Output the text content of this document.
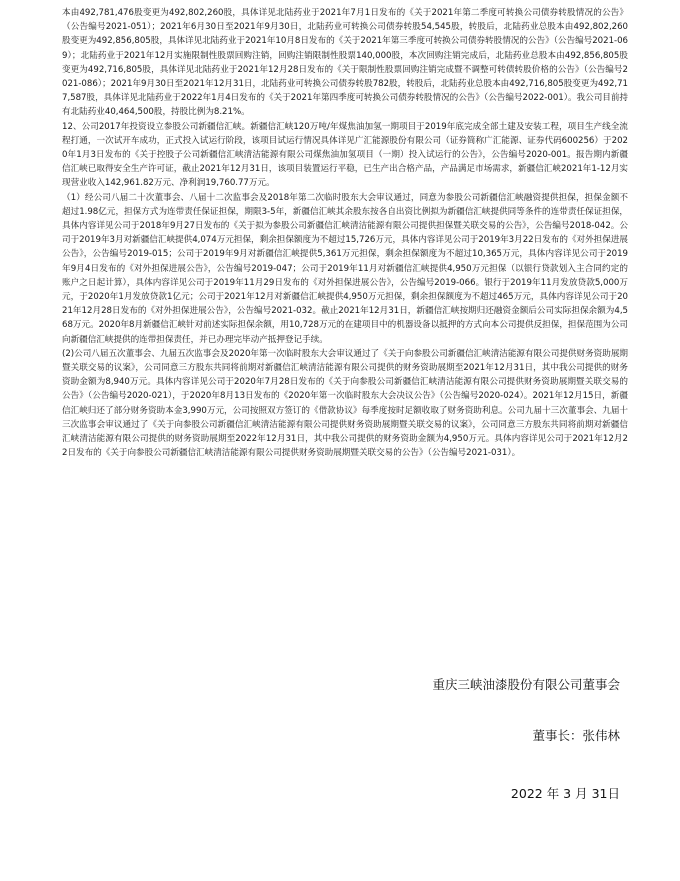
本由492,781,476股变更为492,802,260股，具体详见北陆药业于2021年7月1日发布的《关于2021年第二季度可转换公司债券转股情况的公告》（公告编号2021-051）；2021年6月30日至2021年9月30日，北陆药业可转换公司债券转股54,545股，转股后，北陆药业总股本由492,802,260股变更为492,856,805股，具体详见北陆药业于2021年10月8日发布的《关于2021年第三季度可转换公司债券转股情况的公告》（公告编号2021-069）；北陆药业于2021年12月实施限制性股票回购注销，回购注销限制性股票140,000股，本次回购注销完成后，北陆药业总股本由492,856,805股变更为492,716,805股，具体详见北陆药业于2021年12月28日发布的《关于限制性股票回购注销完成暨不调整可转债转股价格的公告》（公告编号2021-086）；2021年9月30日至2021年12月31日，北陆药业可转换公司债券转股782股，转股后，北陆药业总股本由492,716,805股变更为492,717,587股，具体详见北陆药业于2022年1月4日发布的《关于2021年第四季度可转换公司债券转股情况的公告》（公告编号2022-001）。我公司目前持有北陆药业40,464,500股，持股比例为8.21%。

12、公司2017年投资设立参股公司新疆信汇峡。新疆信汇峡120万吨/年煤焦油加氢一期项目于2019年底完成全部土建及安装工程，项目生产线全流程打通，一次试开车成功，正式投入试运行阶段，该项目试运行情况具体详见广汇能源股份有限公司（证券简称广汇能源、证券代码600256）于2020年1月3日发布的《关于控股子公司新疆信汇峡清洁能源有限公司煤焦油加氢项目（一期）投入试运行的公告》，公告编号2020-001。报告期内新疆信汇峡已取得安全生产许可证，截止2021年12月31日，该项目装置运行平稳，已生产出合格产品，产品满足市场需求，新疆信汇峡2021年1-12月实现营业收入142,961.82万元、净利润19,760.77万元。

（1）经公司八届二十次董事会、八届十二次监事会及2018年第二次临时股东大会审议通过，同意为参股公司新疆信汇峡融资提供担保，担保金额不超过1.98亿元，担保方式为连带责任保证担保，期限3-5年，新疆信汇峡其余股东按各自出资比例拟为新疆信汇峡提供同等条件的连带责任保证担保，具体内容详见公司于2018年9月27日发布的《关于拟为参股公司新疆信汇峡清洁能源有限公司提供担保暨关联交易的公告》，公告编号2018-042。公司于2019年3月对新疆信汇峡提供4,074万元担保，剩余担保额度为不超过15,726万元，具体内容详见公司于2019年3月22日发布的《对外担保进展公告》，公告编号2019-015；公司于2019年9月对新疆信汇峡提供5,361万元担保，剩余担保额度为不超过10,365万元，具体内容详见公司于2019年9月4日发布的《对外担保进展公告》，公告编号2019-047；公司于2019年11月对新疆信汇峡提供4,950万元担保（以银行贷款划入主合同约定的账户之日起计算），具体内容详见公司于2019年11月29日发布的《对外担保进展公告》，公告编号2019-066。银行于2019年11月发放贷款5,000万元，于2020年1月发放贷款1亿元；公司于2021年12月对新疆信汇峡提供4,950万元担保，剩余担保额度为不超过465万元，具体内容详见公司于2021年12月28日发布的《对外担保进展公告》，公告编号2021-032。截止2021年12月31日，新疆信汇峡按期归还融资金额后公司实际担保余额为4,568万元。2020年8月新疆信汇峡针对前述实际担保余额，用10,728万元的在建项目中的机器设备以抵押的方式向本公司提供反担保，担保范围为公司向新疆信汇峡提供的连带担保责任，并已办理完毕动产抵押登记手续。

(2)公司八届五次董事会、九届五次监事会及2020年第一次临时股东大会审议通过了《关于向参股公司新疆信汇峡清洁能源有限公司提供财务资助展期暨关联交易的议案》，公司同意三方股东共同将前期对新疆信汇峡清洁能源有限公司提供的财务资助展期至2021年12月31日，其中我公司提供的财务资助金额为8,940万元。具体内容详见公司于2020年7月28日发布的《关于向参股公司新疆信汇峡清洁能源有限公司提供财务资助展期暨关联交易的公告》（公告编号2020-021），于2020年8月13日发布的《2020年第一次临时股东大会决议公告》（公告编号2020-024）。2021年12月15日，新疆信汇峡归还了部分财务资助本金3,990万元，公司按照双方签订的《借款协议》每季度按时足额收取了财务资助利息。公司九届十三次董事会、九届十三次监事会审议通过了《关于向参股公司新疆信汇峡清洁能源有限公司提供财务资助展期暨关联交易的议案》，公司同意三方股东共同将前期对新疆信汇峡清洁能源有限公司提供的财务资助展期至2022年12月31日，其中我公司提供的财务资助金额为4,950万元。具体内容详见公司于2021年12月22日发布的《关于向参股公司新疆信汇峡清洁能源有限公司提供财务资助展期暨关联交易的公告》（公告编号2021-031）。

重庆三峡油漆股份有限公司董事会
董事长：张伟林
2022 年 3 月 31日
